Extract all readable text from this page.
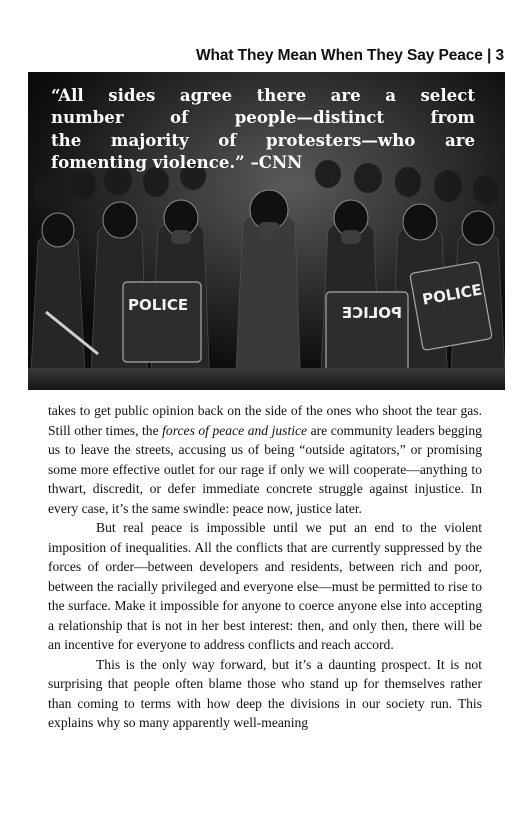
What They Mean When They Say Peace | 3
POLICE	POLICE
POLICE
“All sides agree there are a select
number of people—distinct from
the majority of protesters—who are
fomenting violence.” –CNN

takes to get public opinion back on the side of the ones who shoot the tear gas. Still other times, the forces of peace and justice are community leaders begging us to leave the streets, accusing us of being “outside agitators,” or promising some more effective outlet for our rage if only we will cooperate—anything to thwart, discredit, or defer immediate concrete struggle against injustice. In every case, it’s the same swindle: peace now, justice later.

But real peace is impossible until we put an end to the violent imposition of inequalities. All the conflicts that are currently suppressed by the forces of order—between developers and residents, between rich and poor, between the racially privileged and everyone else—must be permitted to rise to the surface. Make it impossible for anyone to coerce anyone else into accepting a relationship that is not in her best interest: then, and only then, there will be an incentive for everyone to address conflicts and reach accord.

This is the only way forward, but it’s a daunting prospect. It is not surprising that people often blame those who stand up for themselves rather than coming to terms with how deep the divisions in our society run. This explains why so many apparently well-meaning
